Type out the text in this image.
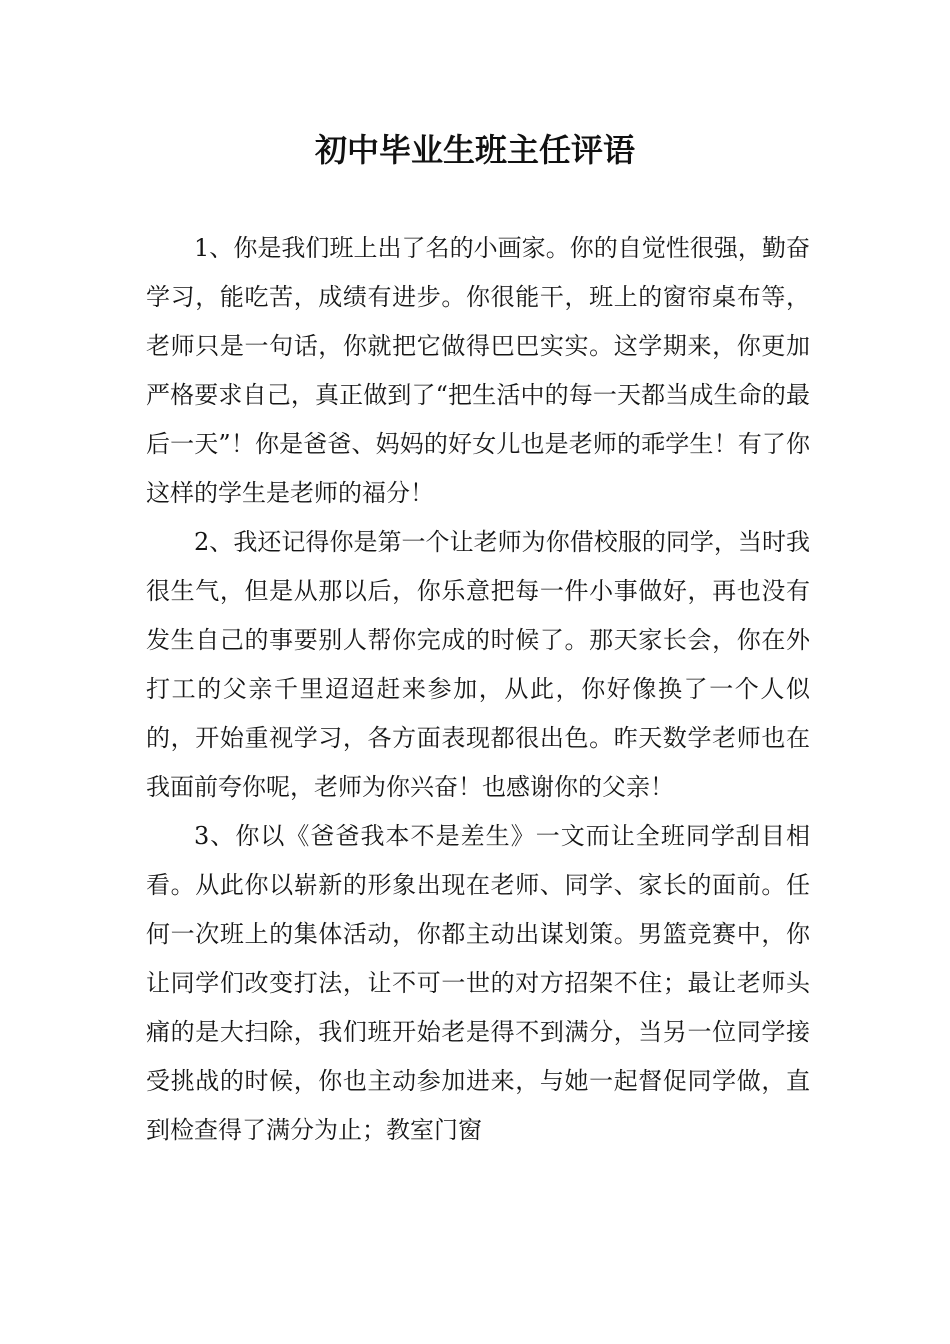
初中毕业生班主任评语

1、你是我们班上出了名的小画家。你的自觉性很强，勤奋学习，能吃苦，成绩有进步。你很能干，班上的窗帘桌布等，老师只是一句话，你就把它做得巴巴实实。这学期来，你更加严格要求自己，真正做到了“把生活中的每一天都当成生命的最后一天”！你是爸爸、妈妈的好女儿也是老师的乖学生！有了你这样的学生是老师的福分！

2、我还记得你是第一个让老师为你借校服的同学，当时我很生气，但是从那以后，你乐意把每一件小事做好，再也没有发生自己的事要别人帮你完成的时候了。那天家长会，你在外打工的父亲千里迢迢赶来参加，从此，你好像换了一个人似的，开始重视学习，各方面表现都很出色。昨天数学老师也在我面前夸你呢，老师为你兴奋！也感谢你的父亲！

3、你以《爸爸我本不是差生》一文而让全班同学刮目相看。从此你以崭新的形象出现在老师、同学、家长的面前。任何一次班上的集体活动，你都主动出谋划策。男篮竞赛中，你让同学们改变打法，让不可一世的对方招架不住；最让老师头痛的是大扫除，我们班开始老是得不到满分，当另一位同学接受挑战的时候，你也主动参加进来，与她一起督促同学做，直到检查得了满分为止；教室门窗
